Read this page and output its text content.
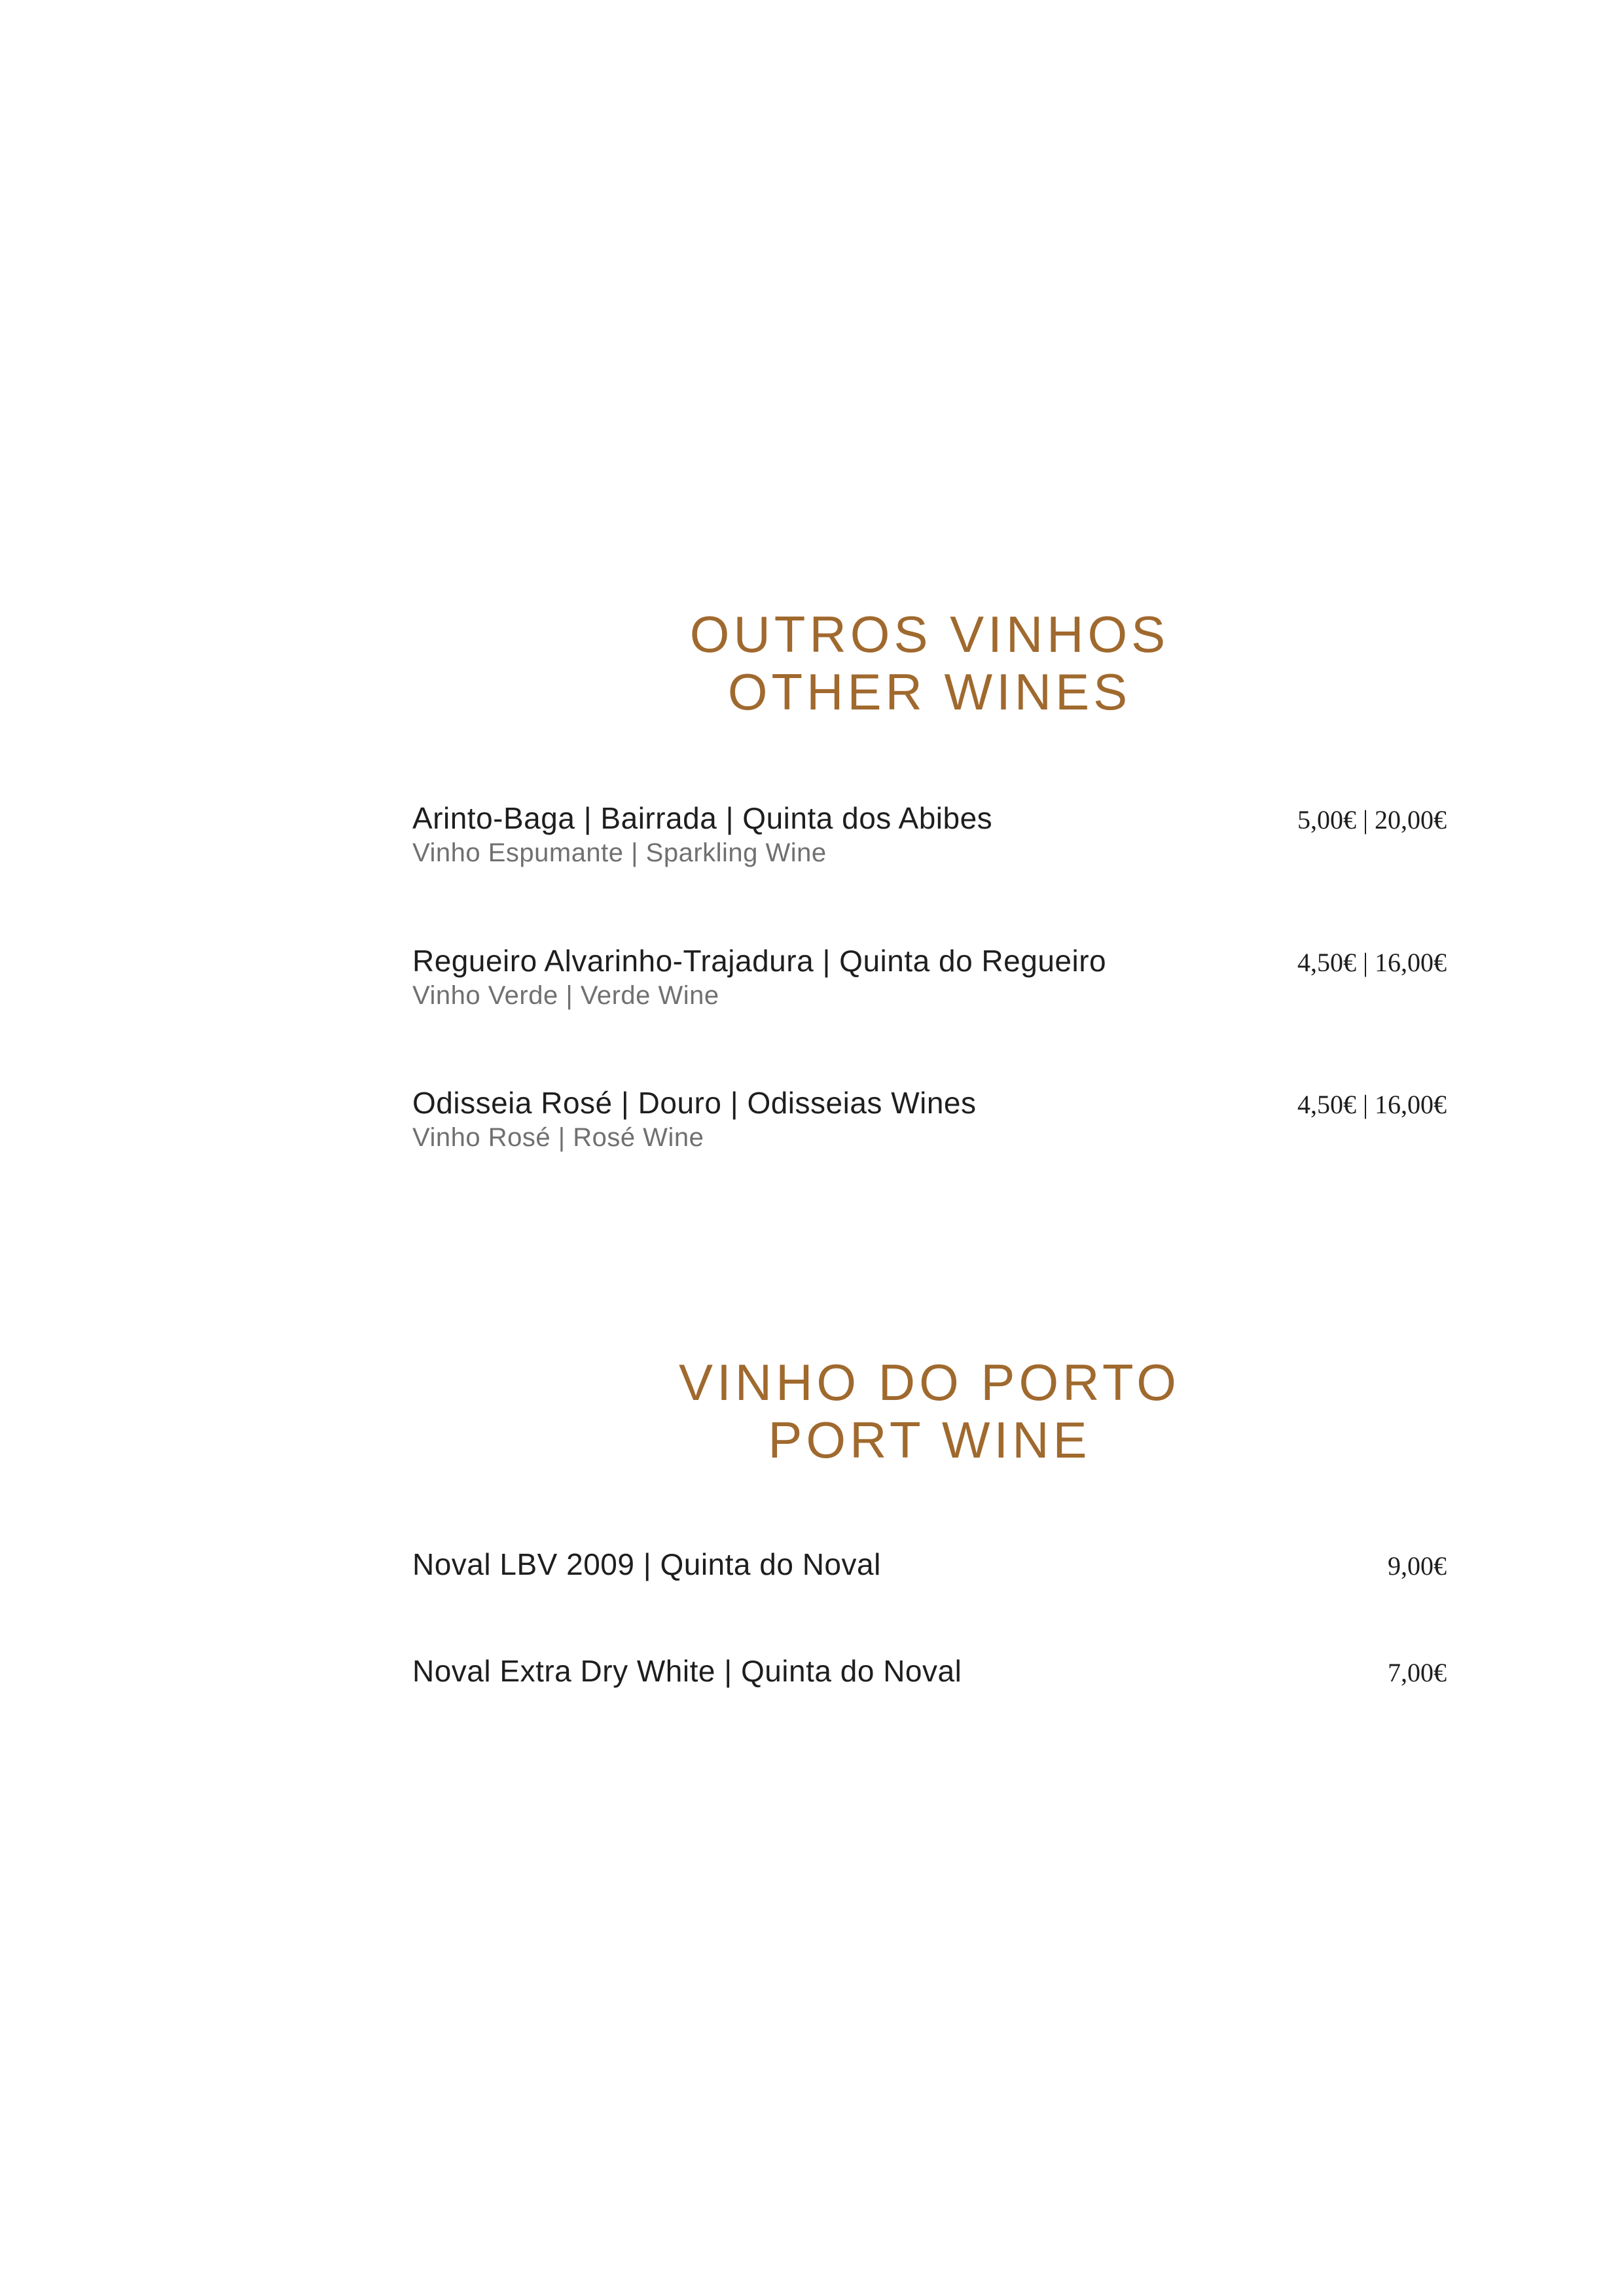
OUTROS VINHOS
OTHER WINES
Arinto-Baga | Bairrada | Quinta dos Abibes
Vinho Espumante | Sparkling Wine
5,00€ | 20,00€
Regueiro Alvarinho-Trajadura | Quinta do Regueiro
Vinho Verde | Verde Wine
4,50€ | 16,00€
Odisseia Rosé | Douro | Odisseias Wines
Vinho Rosé | Rosé Wine
4,50€ | 16,00€
VINHO DO PORTO
PORT WINE
Noval LBV 2009 | Quinta do Noval	9,00€
Noval Extra Dry White | Quinta do Noval	7,00€
